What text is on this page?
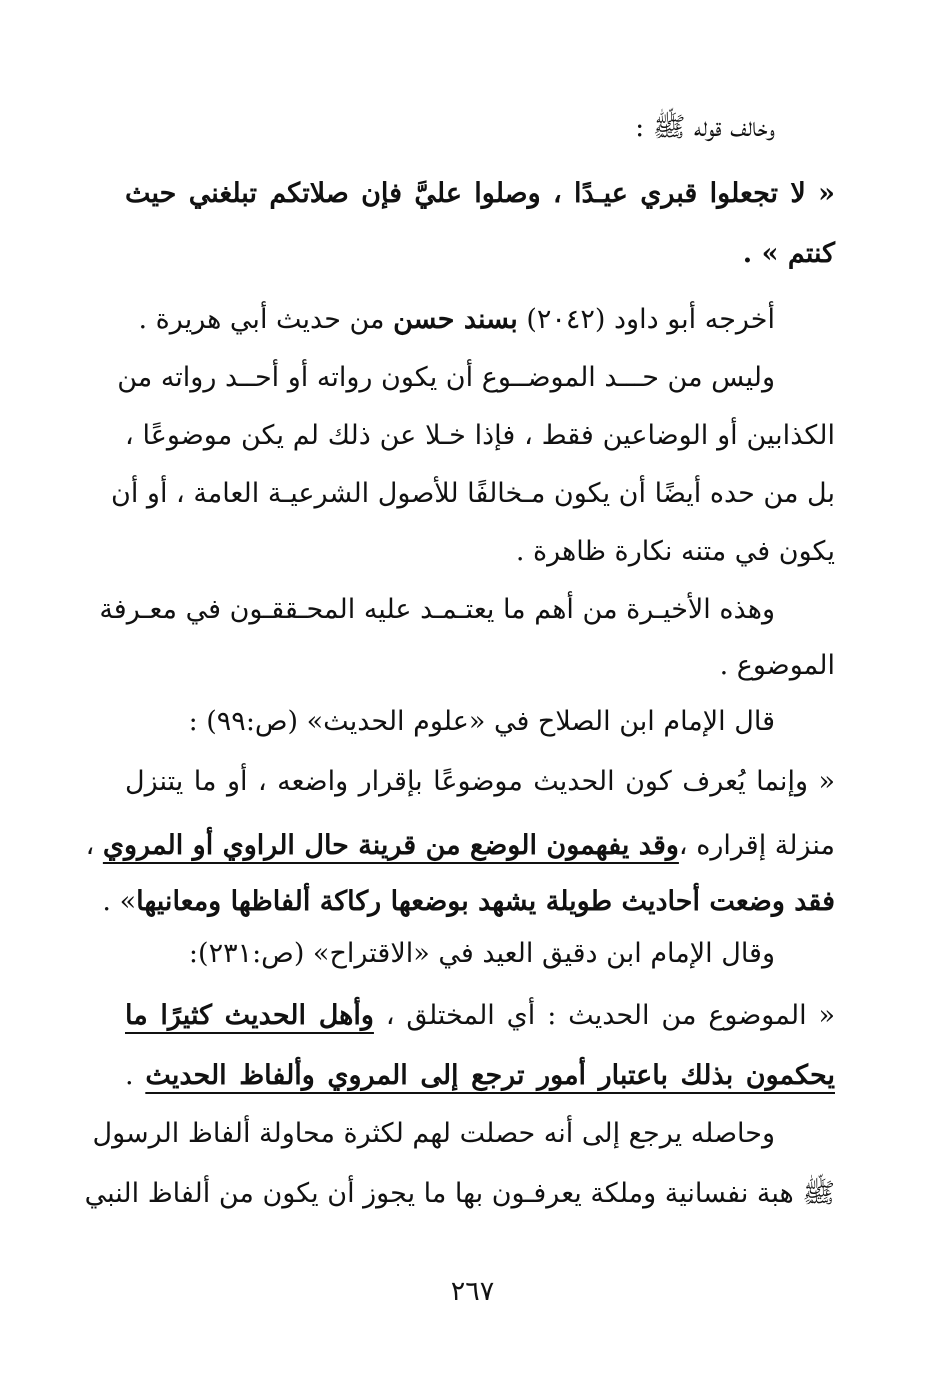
وخالف قوله ﷺ :
« لا تجعلوا قبري عيـدًا ، وصلوا عليَّ فإن صلاتكم تبلغني حيث
كنتم » .
أخرجه أبو داود (٢٠٤٢) بسند حسن من حديث أبي هريرة .
وليس من حـــد الموضــوع أن يكون رواته أو أحــد رواته من
الكذابين أو الوضاعين فقط ، فإذا خـلا عن ذلك لم يكن موضوعًا ،
بل من حده أيضًا أن يكون مـخالفًا للأصول الشرعيـة العامة ، أو أن
يكون في متنه نكارة ظاهرة .
وهذه الأخيـرة من أهم ما يعتـمـد عليه المحـققـون في معـرفة
الموضوع .
قال الإمام ابن الصلاح في «علوم الحديث» (ص:٩٩) :
« وإنما يُعرف كون الحديث موضوعًا بإقرار واضعه ، أو ما يتنزل
منزلة إقراره ،وقد يفهمون الوضع من قرينة حال الراوي أو المروي ،
فقد وضعت أحاديث طويلة يشهد بوضعها ركاكة ألفاظها ومعانيها» .
وقال الإمام ابن دقيق العيد في «الاقتراح» (ص:٢٣١):
« الموضوع من الحديث : أي المختلق ، وأهل الحديث كثيرًا ما
يحكمون بذلك باعتبار أمور ترجع إلى المروي وألفاظ الحديث .
وحاصله يرجع إلى أنه حصلت لهم لكثرة محاولة ألفاظ الرسول
ﷺ هبة نفسانية وملكة يعرفـون بها ما يجوز أن يكون من ألفاظ النبي
٢٦٧
